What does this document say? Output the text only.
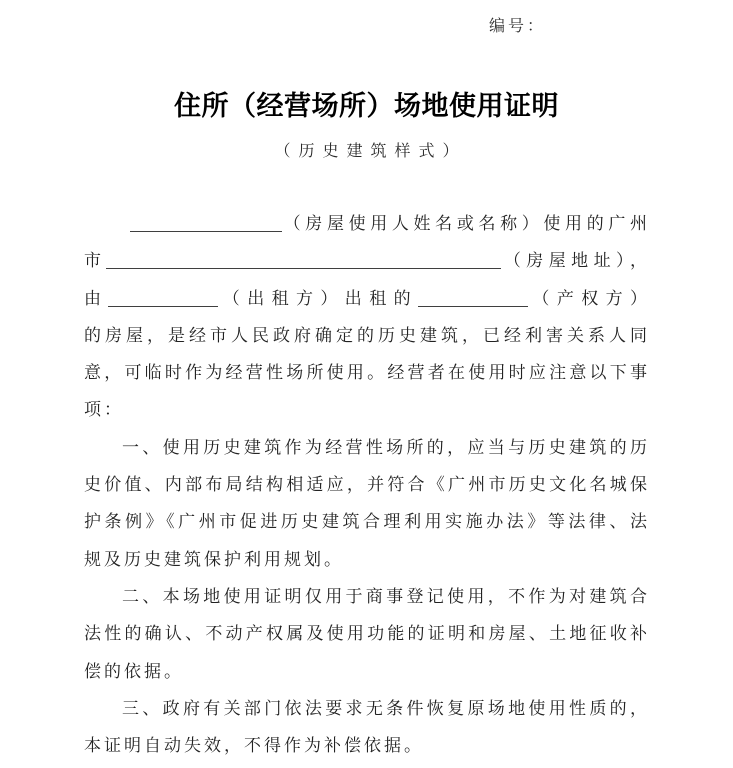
编号：
住所（经营场所）场地使用证明
（历史建筑样式）
（房屋使用人姓名或名称）使用的广州
市	（房屋地址），
由	（出租方）出租的	（产权方）
的房屋，是经市人民政府确定的历史建筑，已经利害关系人同
意，可临时作为经营性场所使用。经营者在使用时应注意以下事
项：
一、使用历史建筑作为经营性场所的，应当与历史建筑的历
史价值、内部布局结构相适应，并符合《广州市历史文化名城保
护条例》《广州市促进历史建筑合理利用实施办法》等法律、法
规及历史建筑保护利用规划。
二、本场地使用证明仅用于商事登记使用，不作为对建筑合
法性的确认、不动产权属及使用功能的证明和房屋、土地征收补
偿的依据。
三、政府有关部门依法要求无条件恢复原场地使用性质的，
本证明自动失效，不得作为补偿依据。
